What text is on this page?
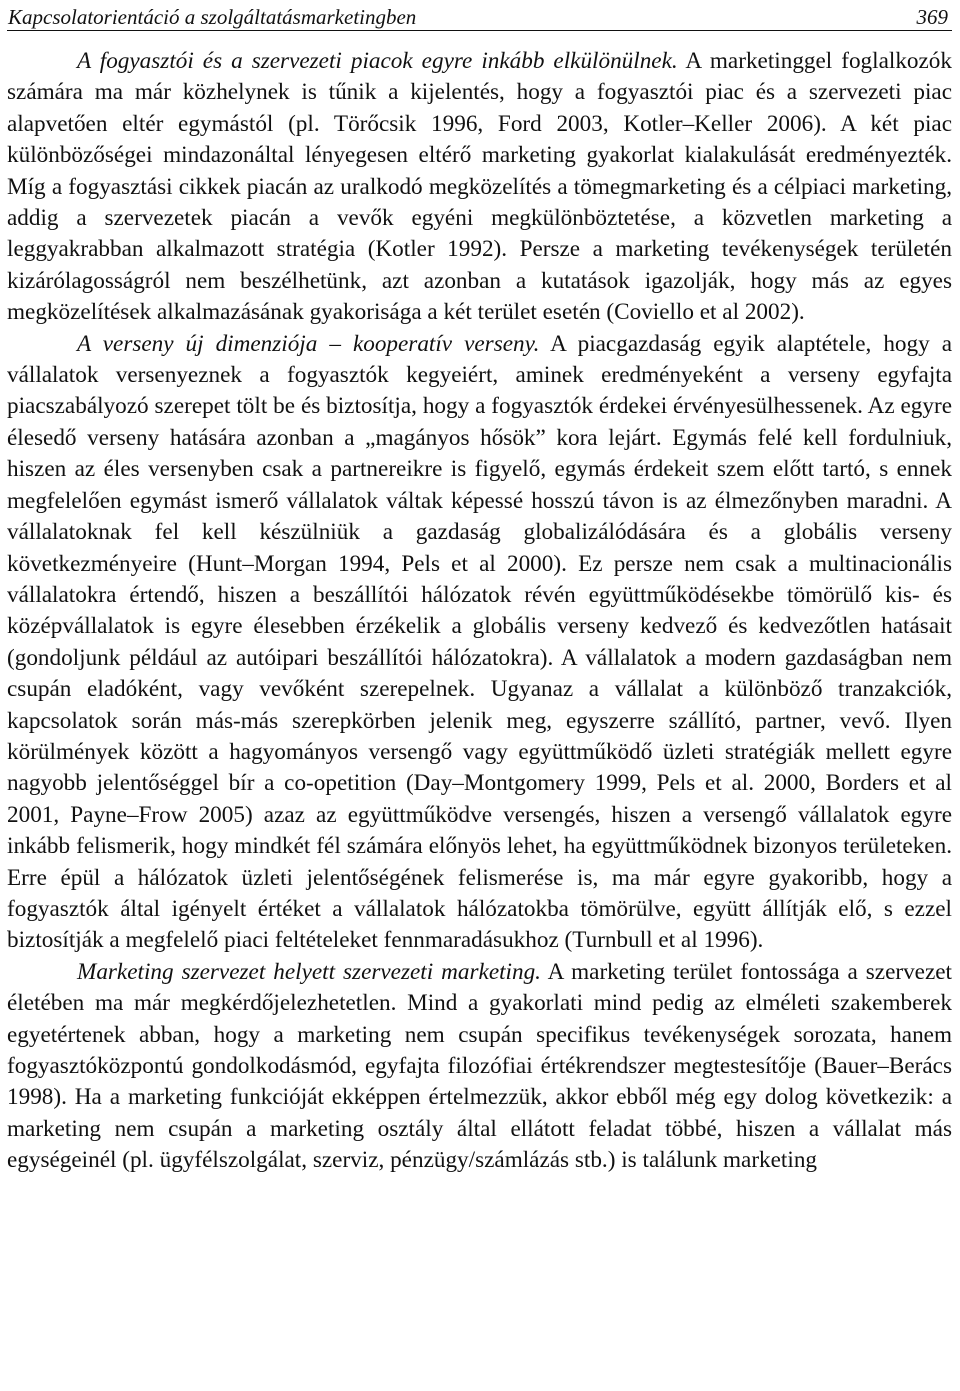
Kapcsolatorientáció a szolgáltatásmarketingben	369

A fogyasztói és a szervezeti piacok egyre inkább elkülönülnek. A marketinggel foglalkozók számára ma már közhelynek is tűnik a kijelentés, hogy a fogyasztói piac és a szervezeti piac alapvetően eltér egymástól (pl. Törőcsik 1996, Ford 2003, Kotler–Keller 2006). A két piac különbözőségei mindazonáltal lényegesen eltérő marketing gyakorlat kialakulását eredményezték. Míg a fogyasztási cikkek piacán az uralkodó megközelítés a tömegmarketing és a célpiaci marketing, addig a szervezetek piacán a vevők egyéni megkülönböztetése, a közvetlen marketing a leggyakrabban alkalmazott stratégia (Kotler 1992). Persze a marketing tevékenységek területén kizárólagosságról nem beszélhetünk, azt azonban a kutatások igazolják, hogy más az egyes megközelítések alkalmazásának gyakorisága a két terület esetén (Coviello et al 2002).

A verseny új dimenziója – kooperatív verseny. A piacgazdaság egyik alaptétele, hogy a vállalatok versenyeznek a fogyasztók kegyeiért, aminek eredményeként a verseny egyfajta piacszabályozó szerepet tölt be és biztosítja, hogy a fogyasztók érdekei érvényesülhessenek. Az egyre élesedő verseny hatására azonban a „magányos hősök” kora lejárt. Egymás felé kell fordulniuk, hiszen az éles versenyben csak a partnereikre is figyelő, egymás érdekeit szem előtt tartó, s ennek megfelelően egymást ismerő vállalatok váltak képessé hosszú távon is az élmezőnyben maradni. A vállalatoknak fel kell készülniük a gazdaság globalizálódására és a globális verseny következményeire (Hunt–Morgan 1994, Pels et al 2000). Ez persze nem csak a multinacionális vállalatokra értendő, hiszen a beszállítói hálózatok révén együttműködésekbe tömörülő kis- és középvállalatok is egyre élesebben érzékelik a globális verseny kedvező és kedvezőtlen hatásait (gondoljunk például az autóipari beszállítói hálózatokra). A vállalatok a modern gazdaságban nem csupán eladóként, vagy vevőként szerepelnek. Ugyanaz a vállalat a különböző tranzakciók, kapcsolatok során más-más szerepkörben jelenik meg, egyszerre szállító, partner, vevő. Ilyen körülmények között a hagyományos versengő vagy együttműködő üzleti stratégiák mellett egyre nagyobb jelentőséggel bír a co-opetition (Day–Montgomery 1999, Pels et al. 2000, Borders et al 2001, Payne–Frow 2005) azaz az együttműködve versengés, hiszen a versengő vállalatok egyre inkább felismerik, hogy mindkét fél számára előnyös lehet, ha együttműködnek bizonyos területeken. Erre épül a hálózatok üzleti jelentőségének felismerése is, ma már egyre gyakoribb, hogy a fogyasztók által igényelt értéket a vállalatok hálózatokba tömörülve, együtt állítják elő, s ezzel biztosítják a megfelelő piaci feltételeket fennmaradásukhoz (Turnbull et al 1996).

Marketing szervezet helyett szervezeti marketing. A marketing terület fontossága a szervezet életében ma már megkérdőjelezhetetlen. Mind a gyakorlati mind pedig az elméleti szakemberek egyetértenek abban, hogy a marketing nem csupán specifikus tevékenységek sorozata, hanem fogyasztóközpontú gondolkodásmód, egyfajta filozófiai értékrendszer megtestesítője (Bauer–Berács 1998). Ha a marketing funkcióját ekképpen értelmezzük, akkor ebből még egy dolog következik: a marketing nem csupán a marketing osztály által ellátott feladat többé, hiszen a vállalat más egységeinél (pl. ügyfélszolgálat, szerviz, pénzügy/számlázás stb.) is találunk marketing
